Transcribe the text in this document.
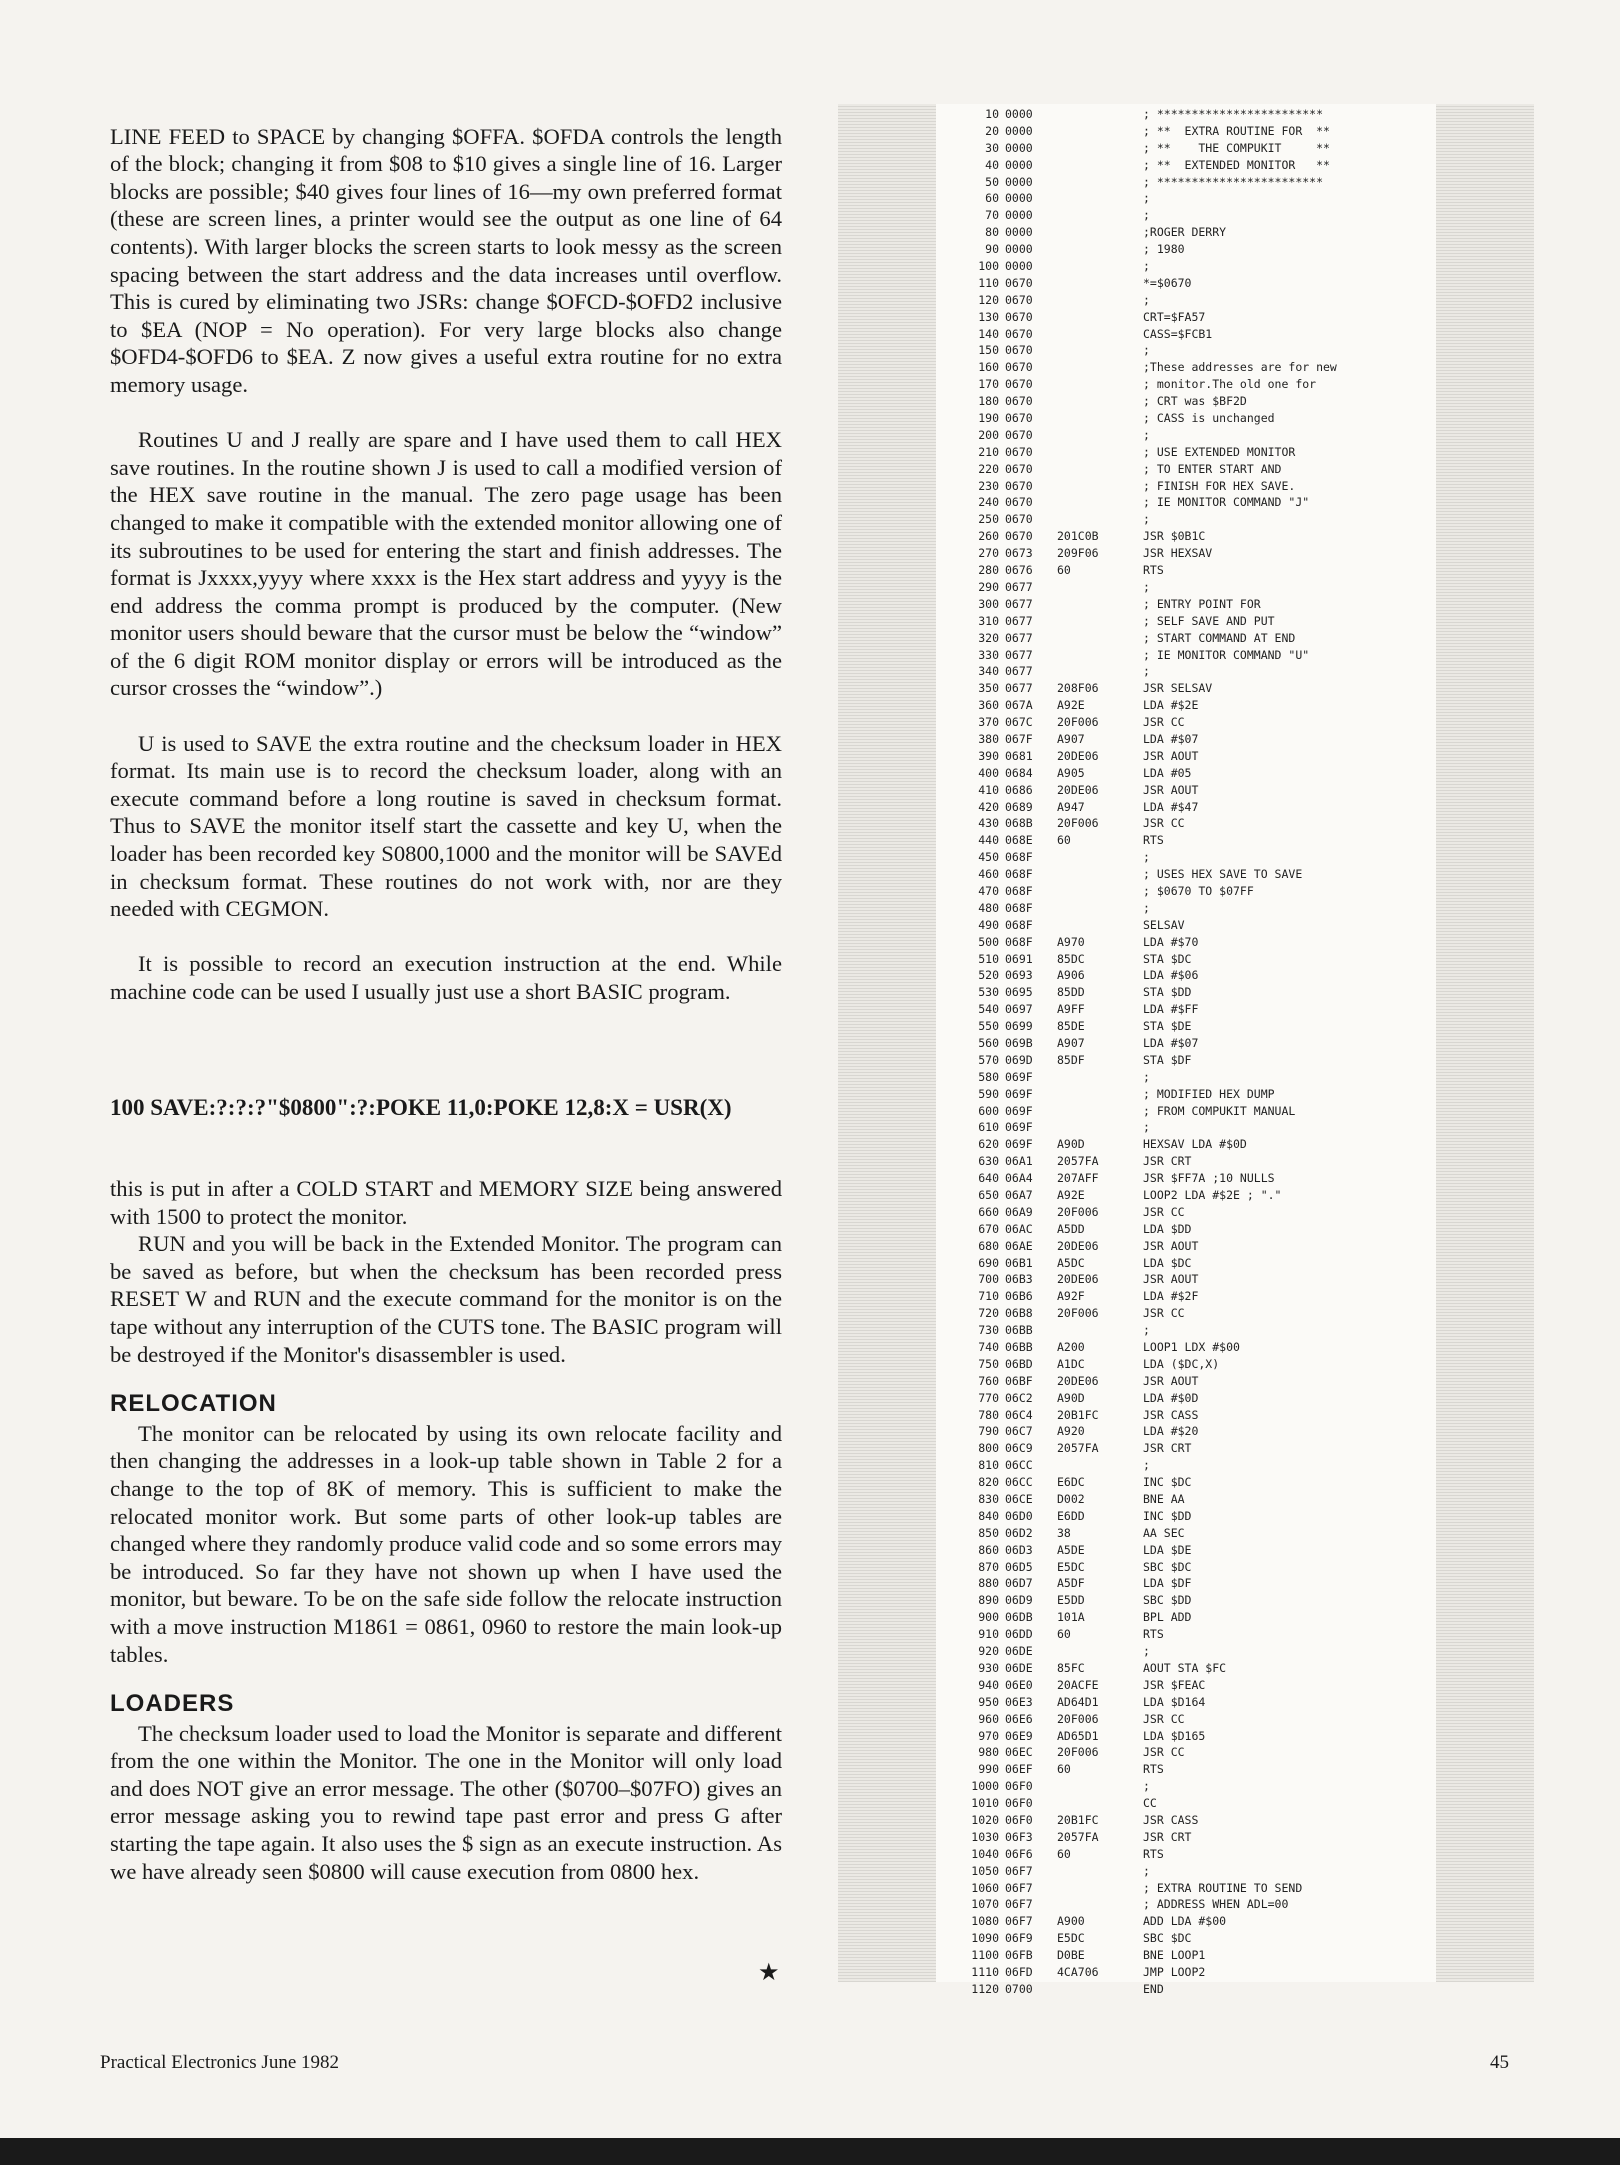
LINE FEED to SPACE by changing $OFFA. $OFDA controls the length of the block; changing it from $08 to $10 gives a single line of 16. Larger blocks are possible; $40 gives four lines of 16—my own preferred format (these are screen lines, a printer would see the output as one line of 64 contents). With larger blocks the screen starts to look messy as the screen spacing between the start address and the data increases until overflow. This is cured by eliminating two JSRs: change $OFCD-$OFD2 inclusive to $EA (NOP = No operation). For very large blocks also change $OFD4-$OFD6 to $EA. Z now gives a useful extra routine for no extra memory usage.

Routines U and J really are spare and I have used them to call HEX save routines. In the routine shown J is used to call a modified version of the HEX save routine in the manual. The zero page usage has been changed to make it compatible with the extended monitor allowing one of its subroutines to be used for entering the start and finish addresses. The format is Jxxxx,yyyy where xxxx is the Hex start address and yyyy is the end address the comma prompt is produced by the computer. (New monitor users should beware that the cursor must be below the “window” of the 6 digit ROM monitor display or errors will be introduced as the cursor crosses the “window”.)

U is used to SAVE the extra routine and the checksum loader in HEX format. Its main use is to record the checksum loader, along with an execute command before a long routine is saved in checksum format. Thus to SAVE the monitor itself start the cassette and key U, when the loader has been recorded key S0800,1000 and the monitor will be SAVEd in checksum format. These routines do not work with, nor are they needed with CEGMON.

It is possible to record an execution instruction at the end. While machine code can be used I usually just use a short BASIC program.

100 SAVE:?:?:?"$0800":?:POKE 11,0:POKE 12,8:X = USR(X)

this is put in after a COLD START and MEMORY SIZE being answered with 1500 to protect the monitor.

RUN and you will be back in the Extended Monitor. The program can be saved as before, but when the checksum has been recorded press RESET W and RUN and the execute command for the monitor is on the tape without any interruption of the CUTS tone. The BASIC program will be destroyed if the Monitor's disassembler is used.

RELOCATION

The monitor can be relocated by using its own relocate facility and then changing the addresses in a look-up table shown in Table 2 for a change to the top of 8K of memory. This is sufficient to make the relocated monitor work. But some parts of other look-up tables are changed where they randomly produce valid code and so some errors may be introduced. So far they have not shown up when I have used the monitor, but beware. To be on the safe side follow the relocate instruction with a move instruction M1861 = 0861, 0960 to restore the main look-up tables.

LOADERS

The checksum loader used to load the Monitor is separate and different from the one within the Monitor. The one in the Monitor will only load and does NOT give an error message. The other ($0700–$07FO) gives an error message asking you to rewind tape past error and press G after starting the tape again. It also uses the $ sign as an execute instruction. As we have already seen $0800 will cause execution from 0800 hex.

★
10 0000	; ************************
20 0000	; **  EXTRA ROUTINE FOR  **
30 0000	; **    THE COMPUKIT     **
40 0000	; **  EXTENDED MONITOR   **
50 0000	; ************************
60 0000	;
70 0000	;
80 0000	;ROGER DERRY
90 0000	; 1980
100 0000	;
110 0670	*=$0670
120 0670	;
130 0670	CRT=$FA57
140 0670	CASS=$FCB1
150 0670	;
160 0670	;These addresses are for new
170 0670	; monitor.The old one for
180 0670	; CRT was $BF2D
190 0670	; CASS is unchanged
200 0670	;
210 0670	; USE EXTENDED MONITOR
220 0670	; TO ENTER START AND
230 0670	; FINISH FOR HEX SAVE.
240 0670	; IE MONITOR COMMAND "J"
250 0670	;
260 0670 201C0B	JSR $0B1C
270 0673 209F06	JSR HEXSAV
280 0676 60	RTS
290 0677	;
300 0677	; ENTRY POINT FOR
310 0677	; SELF SAVE AND PUT
320 0677	; START COMMAND AT END
330 0677	; IE MONITOR COMMAND "U"
340 0677	;
350 0677 208F06	JSR SELSAV
360 067A A92E	LDA #$2E
370 067C 20F006	JSR CC
380 067F A907	LDA #$07
390 0681 20DE06	JSR AOUT
400 0684 A905	LDA #05
410 0686 20DE06	JSR AOUT
420 0689 A947	LDA #$47
430 068B 20F006	JSR CC
440 068E 60	RTS
450 068F	;
460 068F	; USES HEX SAVE TO SAVE
470 068F	; $0670 TO $07FF
480 068F	;
490 068F	SELSAV
500 068F A970	LDA #$70
510 0691 85DC	STA $DC
520 0693 A906	LDA #$06
530 0695 85DD	STA $DD
540 0697 A9FF	LDA #$FF
550 0699 85DE	STA $DE
560 069B A907	LDA #$07
570 069D 85DF	STA $DF
580 069F	;
590 069F	; MODIFIED HEX DUMP
600 069F	; FROM COMPUKIT MANUAL
610 069F	;
620 069F A90D	HEXSAV LDA #$0D
630 06A1 2057FA	JSR CRT
640 06A4 207AFF	JSR $FF7A ;10 NULLS
650 06A7 A92E	LOOP2 LDA #$2E ; "."
660 06A9 20F006	JSR CC
670 06AC A5DD	LDA $DD
680 06AE 20DE06	JSR AOUT
690 06B1 A5DC	LDA $DC
700 06B3 20DE06	JSR AOUT
710 06B6 A92F	LDA #$2F
720 06B8 20F006	JSR CC
730 06BB	;
740 06BB A200	LOOP1 LDX #$00
750 06BD A1DC	LDA ($DC,X)
760 06BF 20DE06	JSR AOUT
770 06C2 A90D	LDA #$0D
780 06C4 20B1FC	JSR CASS
790 06C7 A920	LDA #$20
800 06C9 2057FA	JSR CRT
810 06CC	;
820 06CC E6DC	INC $DC
830 06CE D002	BNE AA
840 06D0 E6DD	INC $DD
850 06D2 38	AA SEC
860 06D3 A5DE	LDA $DE
870 06D5 E5DC	SBC $DC
880 06D7 A5DF	LDA $DF
890 06D9 E5DD	SBC $DD
900 06DB 101A	BPL ADD
910 06DD 60	RTS
920 06DE	;
930 06DE 85FC	AOUT STA $FC
940 06E0 20ACFE	JSR $FEAC
950 06E3 AD64D1	LDA $D164
960 06E6 20F006	JSR CC
970 06E9 AD65D1	LDA $D165
980 06EC 20F006	JSR CC
990 06EF 60	RTS
1000 06F0	;
1010 06F0	CC
1020 06F0 20B1FC	JSR CASS
1030 06F3 2057FA	JSR CRT
1040 06F6 60	RTS
1050 06F7	;
1060 06F7	; EXTRA ROUTINE TO SEND
1070 06F7	; ADDRESS WHEN ADL=00
1080 06F7 A900	ADD LDA #$00
1090 06F9 E5DC	SBC $DC
1100 06FB D0BE	BNE LOOP1
1110 06FD 4CA706	JMP LOOP2
1120 0700	END
Practical Electronics June 1982	45
